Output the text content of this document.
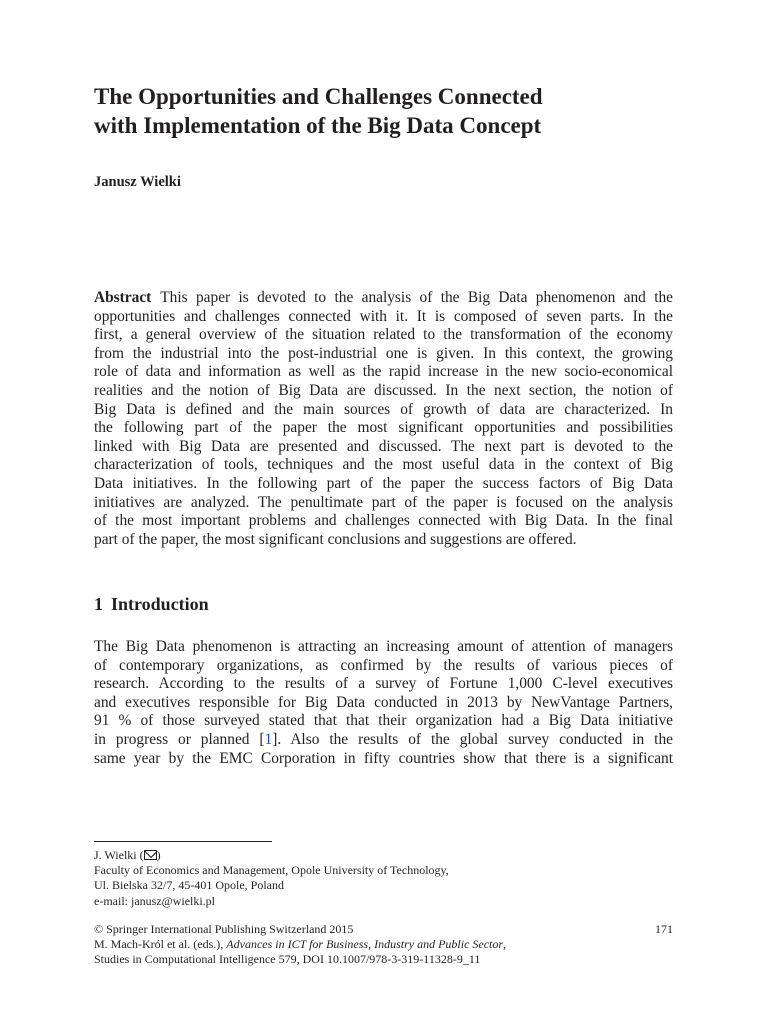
The Opportunities and Challenges Connected
with Implementation of the Big Data Concept
Janusz Wielki
Abstract This paper is devoted to the analysis of the Big Data phenomenon and the
opportunities and challenges connected with it. It is composed of seven parts. In the
first, a general overview of the situation related to the transformation of the economy
from the industrial into the post-industrial one is given. In this context, the growing
role of data and information as well as the rapid increase in the new socio-economical
realities and the notion of Big Data are discussed. In the next section, the notion of
Big Data is defined and the main sources of growth of data are characterized. In
the following part of the paper the most significant opportunities and possibilities
linked with Big Data are presented and discussed. The next part is devoted to the
characterization of tools, techniques and the most useful data in the context of Big
Data initiatives. In the following part of the paper the success factors of Big Data
initiatives are analyzed. The penultimate part of the paper is focused on the analysis
of the most important problems and challenges connected with Big Data. In the final
part of the paper, the most significant conclusions and suggestions are offered.
1 Introduction
The Big Data phenomenon is attracting an increasing amount of attention of managers
of contemporary organizations, as confirmed by the results of various pieces of
research. According to the results of a survey of Fortune 1,000 C-level executives
and executives responsible for Big Data conducted in 2013 by NewVantage Partners,
91 % of those surveyed stated that that their organization had a Big Data initiative
in progress or planned [1]. Also the results of the global survey conducted in the
same year by the EMC Corporation in fifty countries show that there is a significant
J. Wielki ( )
Faculty of Economics and Management, Opole University of Technology,
Ul. Bielska 32/7, 45-401 Opole, Poland
e-mail: janusz@wielki.pl
© Springer International Publishing Switzerland 2015	171
M. Mach-Król et al. (eds.), Advances in ICT for Business, Industry and Public Sector,
Studies in Computational Intelligence 579, DOI 10.1007/978-3-319-11328-9_11
